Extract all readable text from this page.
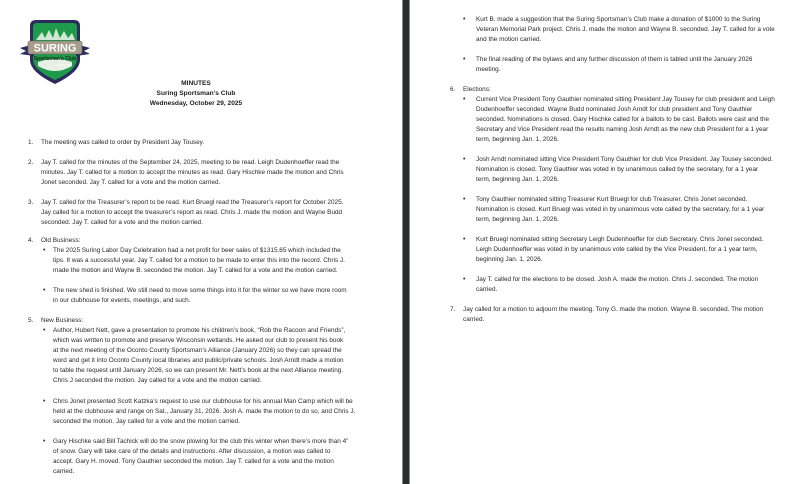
SURING
Sportsman's Club
SURING, WI
MINUTES
Suring Sportsman’s Club
Wednesday, October 29, 2025
1. The meeting was called to order by President Jay Tousey.
2. Jay T. called for the minutes of the September 24, 2025, meeting to be read. Leigh Dudenhoeffer read the
minutes. Jay T. called for a motion to accept the minutes as read. Gary Hischke made the motion and Chris
Jonet seconded. Jay T. called for a vote and the motion carried.
3. Jay T. called for the Treasurer’s report to be read. Kurt Bruegl read the Treasurer’s report for October 2025.
Jay called for a motion to accept the treasurer’s report as read. Chris J. made the motion and Wayne Budd
seconded. Jay T. called for a vote and the motion carried.
4. Old Business:
• The 2025 Suring Labor Day Celebration had a net profit for beer sales of $1315.65 which included the
tips. It was a successful year. Jay T. called for a motion to be made to enter this into the record. Chris J.
made the motion and Wayne B. seconded the motion. Jay T. called for a vote and the motion carried.
• The new shed is finished. We still need to move some things into it for the winter so we have more room
in our clubhouse for events, meetings, and such.
5. New Business:
• Author, Hubert Nett, gave a presentation to promote his children’s book, “Rob the Racoon and Friends”,
which was written to promote and preserve Wisconsin wetlands. He asked our club to present his book
at the next meeting of the Oconto County Sportsman’s Alliance (January 2026) so they can spread the
word and get it into Oconto County local libraries and public/private schools. Josh Arndt made a motion
to table the request until January 2026, so we can present Mr. Nett’s book at the next Alliance meeting.
Chris J seconded the motion. Jay called for a vote and the motion carried.
• Chris Jonet presented Scott Katzka’s request to use our clubhouse for his annual Man Camp which will be
held at the clubhouse and range on Sat., January 31, 2026. Josh A. made the motion to do so, and Chris J.
seconded the motion. Jay called for a vote and the motion carried.
• Gary Hischke said Bill Tachick will do the snow plowing for the club this winter when there’s more than 4”
of snow. Gary will take care of the details and instructions. After discussion, a motion was called to
accept. Gary H. moved. Tony Gauthier seconded the motion. Jay T. called for a vote and the motion
carried.
• Kurt B. made a suggestion that the Suring Sportsman’s Club make a donation of $1000 to the Suring
Veteran Memorial Park project. Chris J. made the motion and Wayne B. seconded. Jay T. called for a vote
and the motion carried.
• The final reading of the bylaws and any further discussion of them is tabled until the January 2026
meeting.
6. Elections:
• Current Vice President Tony Gauthier nominated sitting President Jay Tousey for club president and Leigh
Dudenhoeffer seconded. Wayne Budd nominated Josh Arndt for club president and Tony Gauthier
seconded. Nominations is closed. Gary Hischke called for a ballots to be cast. Ballots were cast and the
Secretary and Vice President read the results naming Josh Arndt as the new club President for a 1 year
term, beginning Jan. 1, 2026.
• Josh Arndt nominated sitting Vice President Tony Gauthier for club Vice President. Jay Tousey seconded.
Nomination is closed. Tony Gauthier was voted in by unanimous called by the secretary, for a 1 year
term, beginning Jan. 1, 2026.
• Tony Gauthier nominated sitting Treasurer Kurt Bruegl for club Treasurer. Chris Jonet seconded.
Nomination is closed. Kurt Bruegl was voted in by unanimous vote called by the secretary, for a 1 year
term, beginning Jan. 1, 2026.
• Kurt Bruegl nominated sitting Secretary Leigh Dudenhoeffer for club Secretary. Chris Jonet seconded.
Leigh Dudenhoeffer was voted in by unanimous vote called by the Vice President, for a 1 year term,
beginning Jan. 1, 2026.
• Jay T. called for the elections to be closed. Josh A. made the motion. Chris J. seconded. The motion
carried.
7. Jay called for a motion to adjourn the meeting. Tony G. made the motion. Wayne B. seconded. The motion
carried.
